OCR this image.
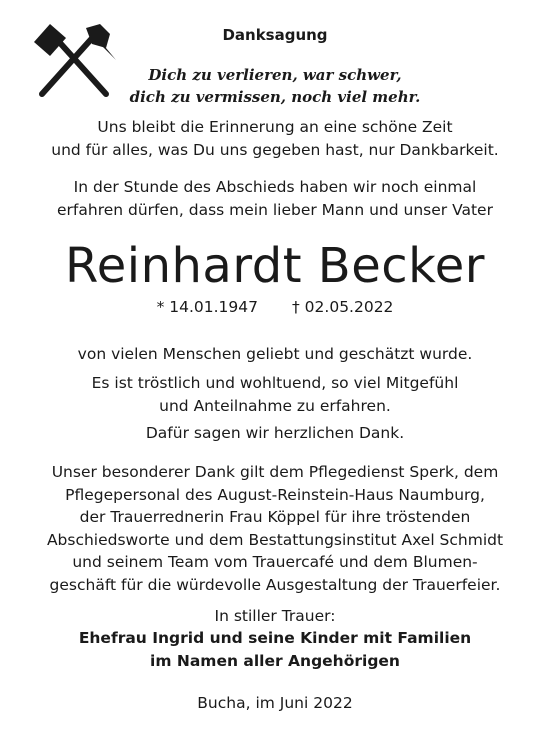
Danksagung
Dich zu verlieren, war schwer,
dich zu vermissen, noch viel mehr.
Uns bleibt die Erinnerung an eine schöne Zeit
und für alles, was Du uns gegeben hast, nur Dankbarkeit.
In der Stunde des Abschieds haben wir noch einmal
erfahren dürfen, dass mein lieber Mann und unser Vater
Reinhardt Becker
* 14.01.1947 † 02.05.2022
von vielen Menschen geliebt und geschätzt wurde.
Es ist tröstlich und wohltuend, so viel Mitgefühl
und Anteilnahme zu erfahren.
Dafür sagen wir herzlichen Dank.
Unser besonderer Dank gilt dem Pflegedienst Sperk, dem
Pflegepersonal des August-Reinstein-Haus Naumburg,
der Trauerrednerin Frau Köppel für ihre tröstenden
Abschiedsworte und dem Bestattungsinstitut Axel Schmidt
und seinem Team vom Trauercafé und dem Blumen-
geschäft für die würdevolle Ausgestaltung der Trauerfeier.
In stiller Trauer:
Ehefrau Ingrid und seine Kinder mit Familien
im Namen aller Angehörigen
Bucha, im Juni 2022
